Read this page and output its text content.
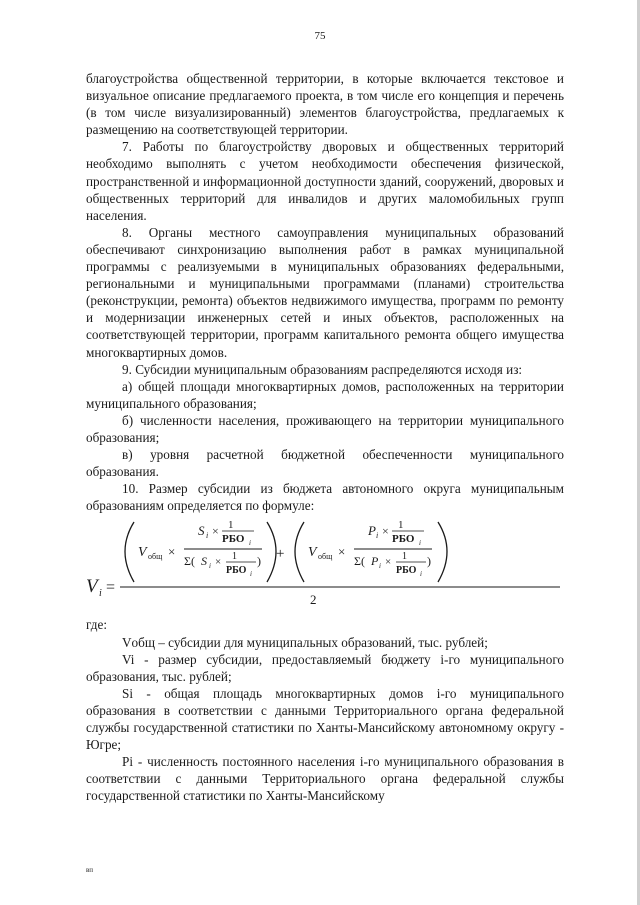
75

благоустройства общественной территории, в которые включается текстовое и визуальное описание предлагаемого проекта, в том числе его концепция и перечень (в том числе визуализированный) элементов благоустройства, предлагаемых к размещению на соответствующей территории.

7. Работы по благоустройству дворовых и общественных территорий необходимо выполнять с учетом необходимости обеспечения физической, пространственной и информационной доступности зданий, сооружений, дворовых и общественных территорий для инвалидов и других маломобильных групп населения.

8. Органы местного самоуправления муниципальных образований обеспечивают синхронизацию выполнения работ в рамках муниципальной программы с реализуемыми в муниципальных образованиях федеральными, региональными и муниципальными программами (планами) строительства (реконструкции, ремонта) объектов недвижимого имущества, программ по ремонту и модернизации инженерных сетей и иных объектов, расположенных на соответствующей территории, программ капитального ремонта общего имущества многоквартирных домов.

9. Субсидии муниципальным образованиям распределяются исходя из:

а) общей площади многоквартирных домов, расположенных на территории муниципального образования;

б) численности населения, проживающего на территории муниципального образования;

в) уровня расчетной бюджетной обеспеченности муниципального образования.

10. Размер субсидии из бюджета автономного округа муниципальным образованиям определяется по формуле:

V i =
V общ ×
S i × 1
РБО i
Σ( S i × 1
РБО i
) + V общ ×
P i × 1
РБО i
Σ( P i × 1
РБО i
)
2

где:

Vобщ – субсидии для муниципальных образований, тыс. рублей;

Vi - размер субсидии, предоставляемый бюджету i-го муниципального образования, тыс. рублей;

Si - общая площадь многоквартирных домов i-го муниципального образования в соответствии с данными Территориального органа федеральной службы государственной статистики по Ханты-Мансийскому автономному округу - Югре;

Pi - численность постоянного населения i-го муниципального образования в соответствии с данными Территориального органа федеральной службы государственной статистики по Ханты-Мансийскому

вп
